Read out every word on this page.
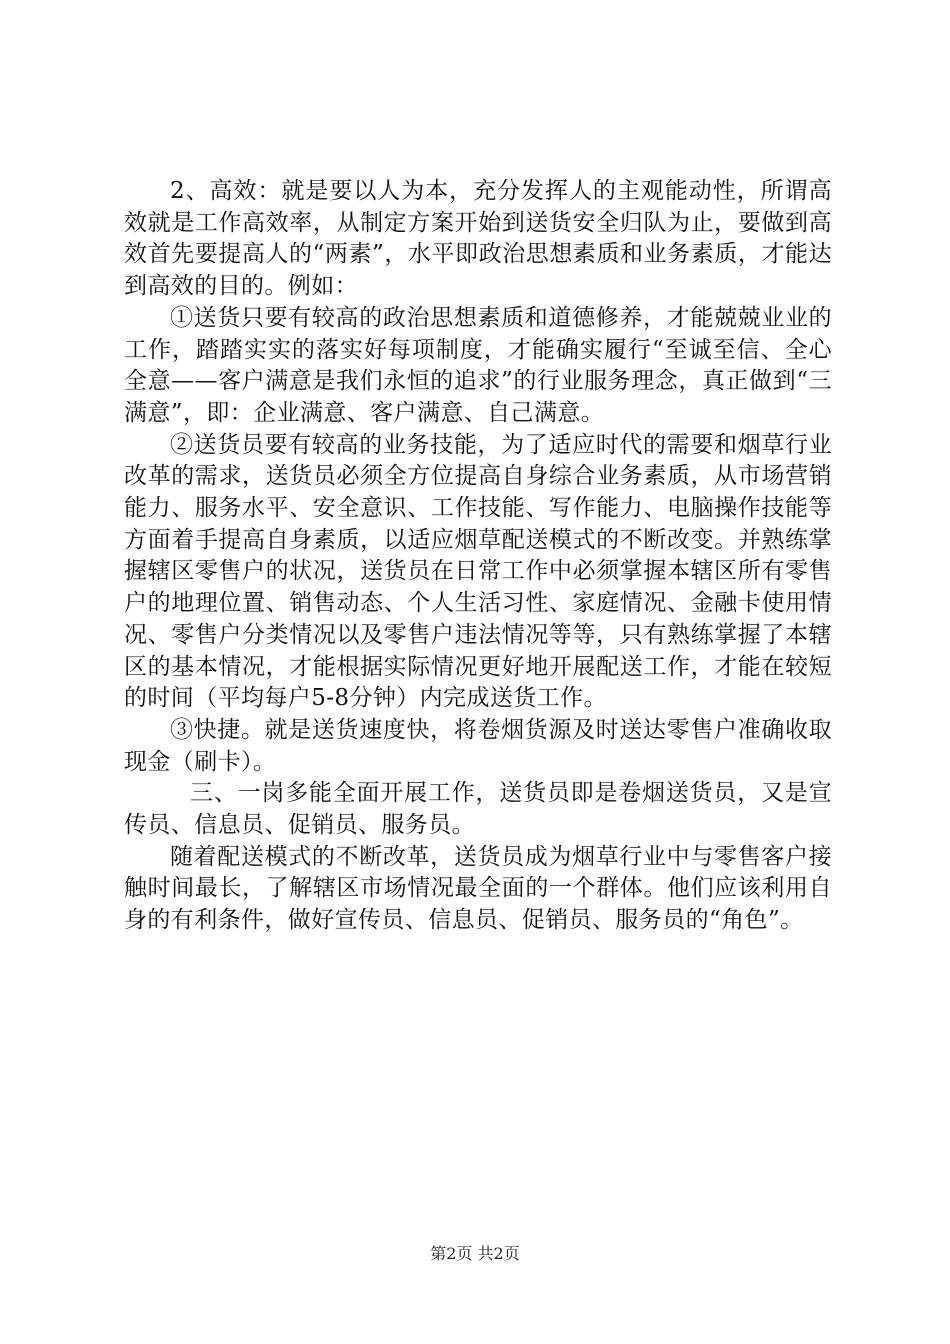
2、高效：就是要以人为本，充分发挥人的主观能动性，所谓高效就是工作高效率，从制定方案开始到送货安全归队为止，要做到高效首先要提高人的“两素”，水平即政治思想素质和业务素质，才能达到高效的目的。例如：

①送货只要有较高的政治思想素质和道德修养，才能兢兢业业的工作，踏踏实实的落实好每项制度，才能确实履行“至诚至信、全心全意——客户满意是我们永恒的追求”的行业服务理念，真正做到“三满意”，即：企业满意、客户满意、自己满意。

②送货员要有较高的业务技能，为了适应时代的需要和烟草行业改革的需求，送货员必须全方位提高自身综合业务素质，从市场营销能力、服务水平、安全意识、工作技能、写作能力、电脑操作技能等方面着手提高自身素质，以适应烟草配送模式的不断改变。并熟练掌握辖区零售户的状况，送货员在日常工作中必须掌握本辖区所有零售户的地理位置、销售动态、个人生活习性、家庭情况、金融卡使用情况、零售户分类情况以及零售户违法情况等等，只有熟练掌握了本辖区的基本情况，才能根据实际情况更好地开展配送工作，才能在较短的时间（平均每户5-8分钟）内完成送货工作。

③快捷。就是送货速度快，将卷烟货源及时送达零售户准确收取现金（刷卡）。

三、一岗多能全面开展工作，送货员即是卷烟送货员，又是宣传员、信息员、促销员、服务员。

随着配送模式的不断改革，送货员成为烟草行业中与零售客户接触时间最长，了解辖区市场情况最全面的一个群体。他们应该利用自身的有利条件，做好宣传员、信息员、促销员、服务员的“角色”。

第2页 共2页
